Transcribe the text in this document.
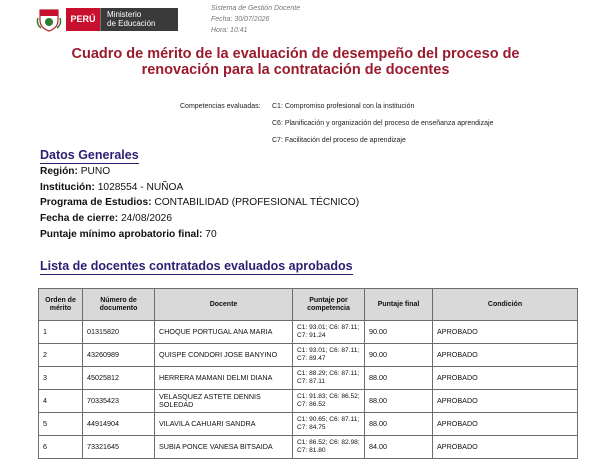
PERÚ	Ministerio
de Educación
Sistema de Gestión Docente
Fecha: 30/07/2026
Hora: 10:41
Cuadro de mérito de la evaluación de desempeño del proceso de
renovación para la contratación de docentes
Competencias evaluadas: C1: Compromiso profesional con la institución
C6: Planificación y organización del proceso de enseñanza aprendizaje
C7: Facilitación del proceso de aprendizaje
Datos Generales
Región: PUNO
Institución: 1028554 - NUÑOA
Programa de Estudios: CONTABILIDAD (PROFESIONAL TÉCNICO)
Fecha de cierre: 24/08/2026
Puntaje mínimo aprobatorio final: 70
Lista de docentes contratados evaluados aprobados
Orden de mérito	Número de documento	Docente	Puntaje por competencia	Puntaje final	Condición
1	01315820	CHOQUE PORTUGAL ANA MARIA	C1: 93.01; C6: 87.11; C7: 91.24	90.00	APROBADO
2	43260989	QUISPE CONDORI JOSE BANYINO	C1: 93.01; C6: 87.11; C7: 89.47	90.00	APROBADO
3	45025812	HERRERA MAMANI DELMI DIANA	C1: 88.29; C6: 87.11; C7: 87.11	88.00	APROBADO
4	70335423	VELASQUEZ ASTETE DENNIS SOLEDAD	C1: 91.83; C6: 86.52; C7: 86.52	88.00	APROBADO
5	44914904	VILAVILA CAHUARI SANDRA	C1: 90.65; C6: 87.11; C7: 84.75	88.00	APROBADO
6	73321645	SUBIA PONCE VANESA BITSAIDA	C1: 86.52; C6: 82.98; C7: 81.80	84.00	APROBADO
